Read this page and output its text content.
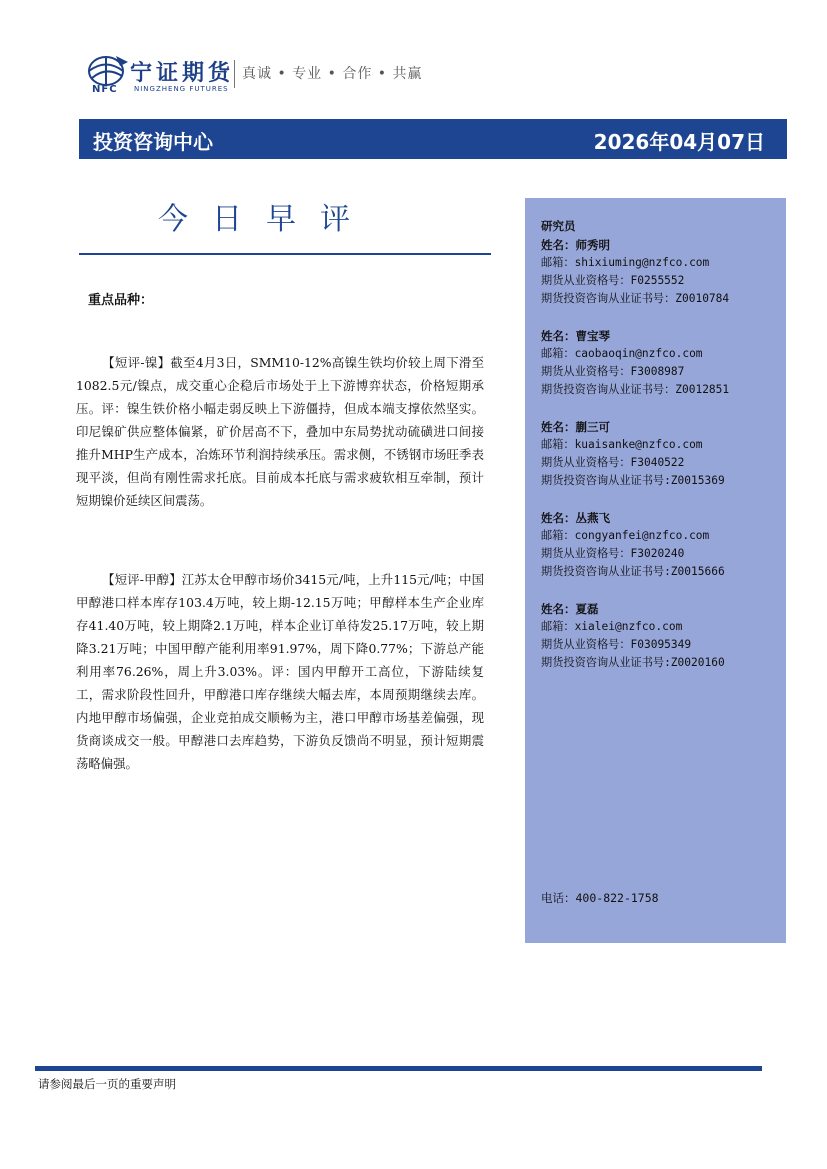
NFC
宁证期货
NINGZHENG FUTURES
真诚 • 专业 • 合作 • 共赢
投资咨询中心	2026年04月07日
今日早评
重点品种：
【短评-镍】截至4月3日，SMM10-12%高镍生铁均价较上周下滑至1082.5元/镍点，成交重心企稳后市场处于上下游博弈状态，价格短期承压。评：镍生铁价格小幅走弱反映上下游僵持，但成本端支撑依然坚实。印尼镍矿供应整体偏紧，矿价居高不下，叠加中东局势扰动硫磺进口间接推升MHP生产成本，冶炼环节利润持续承压。需求侧，不锈钢市场旺季表现平淡，但尚有刚性需求托底。目前成本托底与需求疲软相互牵制，预计短期镍价延续区间震荡。
【短评-甲醇】江苏太仓甲醇市场价3415元/吨，上升115元/吨；中国甲醇港口样本库存103.4万吨，较上期-12.15万吨；甲醇样本生产企业库存41.40万吨，较上期降2.1万吨，样本企业订单待发25.17万吨，较上期降3.21万吨；中国甲醇产能利用率91.97%，周下降0.77%；下游总产能利用率76.26%，周上升3.03%。评：国内甲醇开工高位，下游陆续复工，需求阶段性回升，甲醇港口库存继续大幅去库，本周预期继续去库。内地甲醇市场偏强，企业竞拍成交顺畅为主，港口甲醇市场基差偏强，现货商谈成交一般。甲醇港口去库趋势，下游负反馈尚不明显，预计短期震荡略偏强。
研究员
姓名：师秀明
邮箱：shixiuming@nzfco.com
期货从业资格号：F0255552
期货投资咨询从业证书号：Z0010784
姓名：曹宝琴
邮箱：caobaoqin@nzfco.com
期货从业资格号：F3008987
期货投资咨询从业证书号：Z0012851
姓名：蒯三可
邮箱：kuaisanke@nzfco.com
期货从业资格号：F3040522
期货投资咨询从业证书号:Z0015369
姓名：丛燕飞
邮箱：congyanfei@nzfco.com
期货从业资格号：F3020240
期货投资咨询从业证书号:Z0015666
姓名：夏磊
邮箱：xialei@nzfco.com
期货从业资格号：F03095349
期货投资咨询从业证书号:Z0020160
电话：400-822-1758
请参阅最后一页的重要声明
